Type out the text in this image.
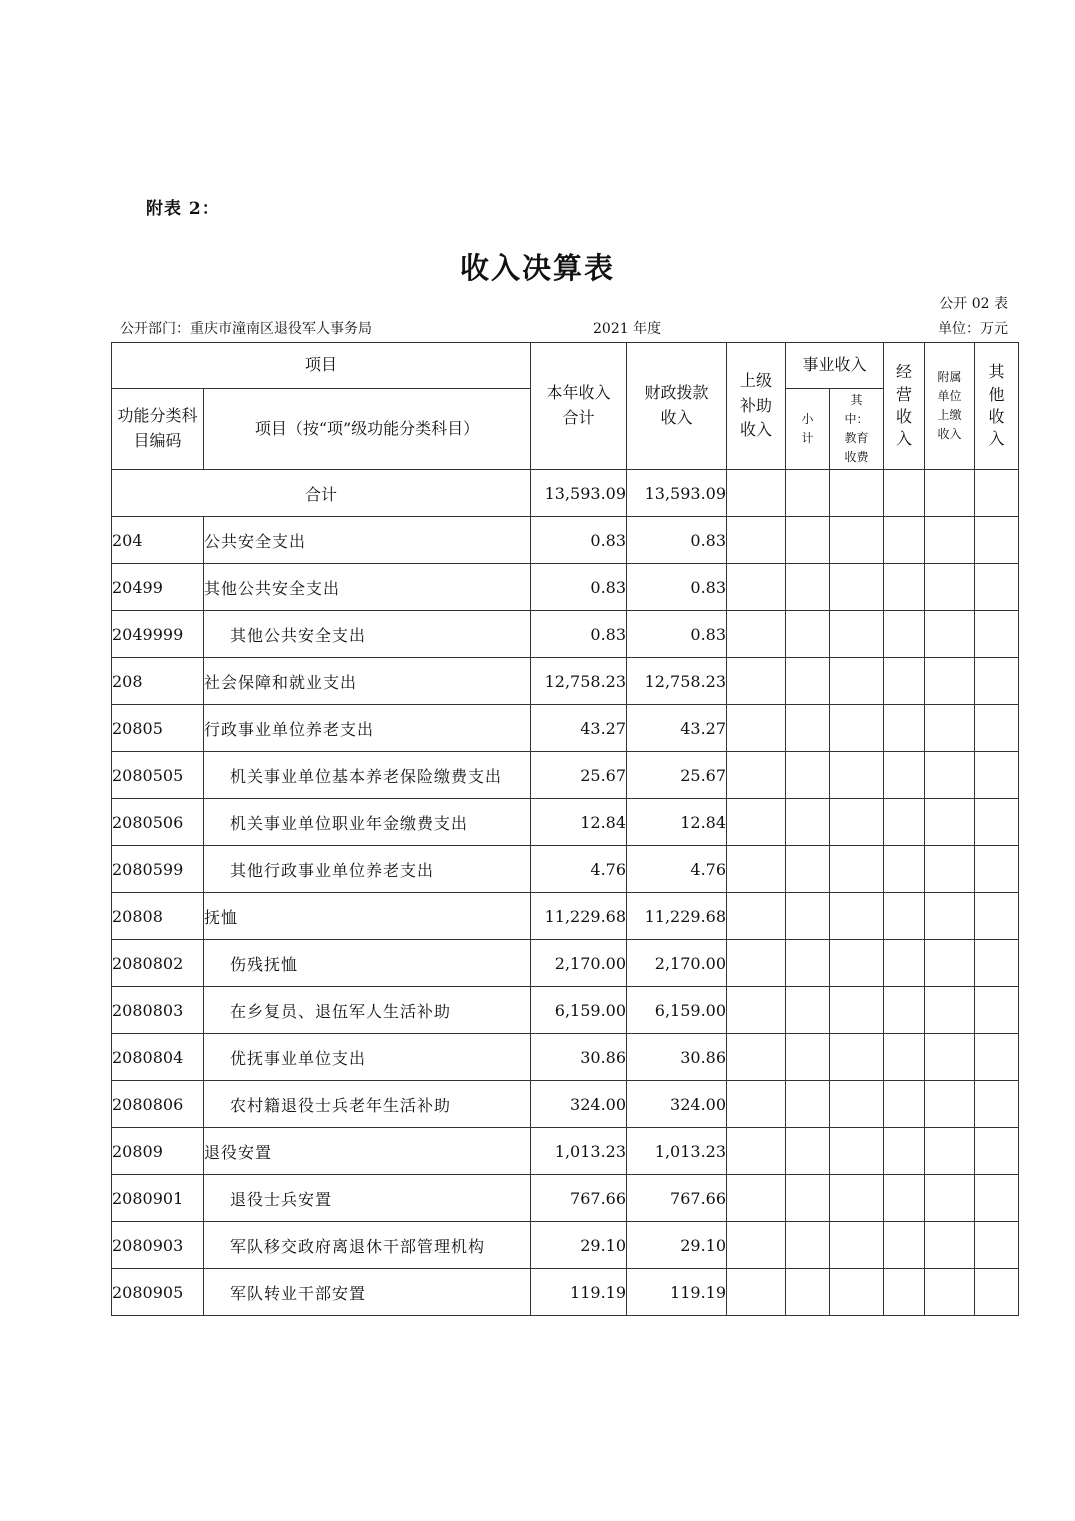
附表 2：
收入决算表
公开 02 表
公开部门：重庆市潼南区退役军人事务局	2021 年度	单位：万元
项目		本年收入合计	财政拨款收入	上级补助收入	事业收入		经营收入	附属单位上缴收入	其他收入

功能分类科目编码	项目（按“项”级功能分类科目）				小计	其中：教育收费			

合计		13,593.09	13,593.09						
204	公共安全支出	0.83	0.83						
20499	其他公共安全支出	0.83	0.83						
2049999	其他公共安全支出	0.83	0.83						
208	社会保障和就业支出	12,758.23	12,758.23						
20805	行政事业单位养老支出	43.27	43.27						
2080505	机关事业单位基本养老保险缴费支出	25.67	25.67						
2080506	机关事业单位职业年金缴费支出	12.84	12.84						
2080599	其他行政事业单位养老支出	4.76	4.76						
20808	抚恤	11,229.68	11,229.68						
2080802	伤残抚恤	2,170.00	2,170.00						
2080803	在乡复员、退伍军人生活补助	6,159.00	6,159.00						
2080804	优抚事业单位支出	30.86	30.86						
2080806	农村籍退役士兵老年生活补助	324.00	324.00						
20809	退役安置	1,013.23	1,013.23						
2080901	退役士兵安置	767.66	767.66						
2080903	军队移交政府离退休干部管理机构	29.10	29.10						
2080905	军队转业干部安置	119.19	119.19						
